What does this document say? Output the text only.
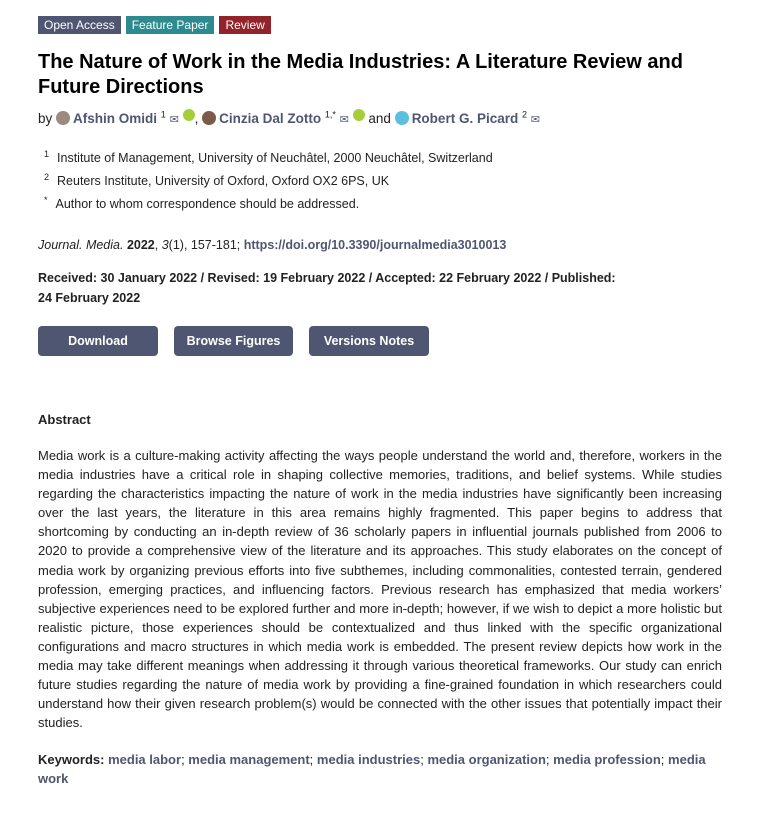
Open Access	Feature Paper	Review
The Nature of Work in the Media Industries: A Literature Review and Future Directions
by Afshin Omidi $^1$ ✉ , Cinzia Dal Zotto $^{1,*}$ ✉ and Robert G. Picard $^2$ ✉
$^1$ Institute of Management, University of Neuchâtel, 2000 Neuchâtel, Switzerland
$^2$ Reuters Institute, University of Oxford, Oxford OX2 6PS, UK
* Author to whom correspondence should be addressed.
Journal. Media. 2022, 3(1), 157-181; https://doi.org/10.3390/journalmedia3010013
Received: 30 January 2022 / Revised: 19 February 2022 / Accepted: 22 February 2022 / Published: 24 February 2022
Download	Browse Figures	Versions Notes
Abstract

Media work is a culture-making activity affecting the ways people understand the world and, therefore, workers in the media industries have a critical role in shaping collective memories, traditions, and belief systems. While studies regarding the characteristics impacting the nature of work in the media industries have significantly been increasing over the last years, the literature in this area remains highly fragmented. This paper begins to address that shortcoming by conducting an in-depth review of 36 scholarly papers in influential journals published from 2006 to 2020 to provide a comprehensive view of the literature and its approaches. This study elaborates on the concept of media work by organizing previous efforts into five subthemes, including commonalities, contested terrain, gendered profession, emerging practices, and influencing factors. Previous research has emphasized that media workers’ subjective experiences need to be explored further and more in-depth; however, if we wish to depict a more holistic but realistic picture, those experiences should be contextualized and thus linked with the specific organizational configurations and macro structures in which media work is embedded. The present review depicts how work in the media may take different meanings when addressing it through various theoretical frameworks. Our study can enrich future studies regarding the nature of media work by providing a fine-grained foundation in which researchers could understand how their given research problem(s) would be connected with the other issues that potentially impact their studies.

Keywords: media labor; media management; media industries; media organization; media profession; media work
